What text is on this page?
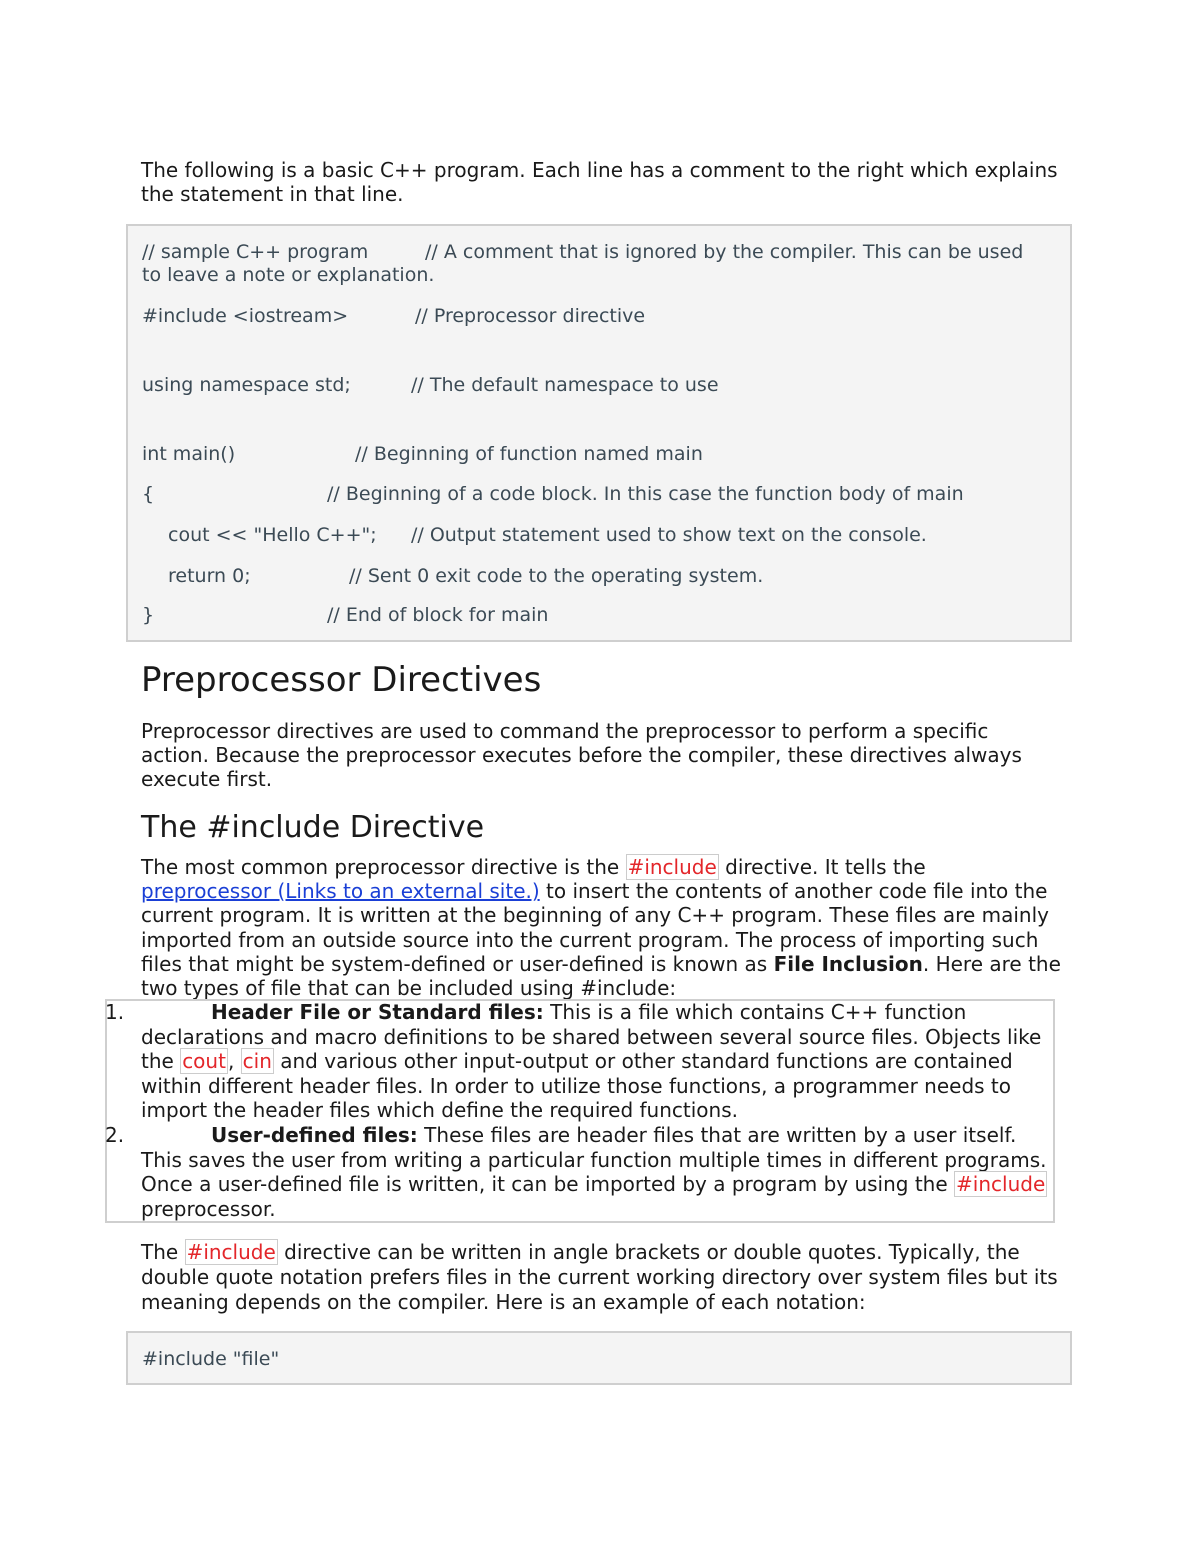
The following is a basic C++ program. Each line has a comment to the right which explains the statement in that line.

// sample C++ program	// A comment that is ignored by the compiler. This can be used
to leave a note or explanation.
#include <iostream>	// Preprocessor directive
using namespace std;	// The default namespace to use
int main()	// Beginning of function named main
{	// Beginning of a code block. In this case the function body of main
cout << "Hello C++"; // Output statement used to show text on the console.
return 0;	// Sent 0 exit code to the operating system.
}	// End of block for main
Preprocessor Directives

Preprocessor directives are used to command the preprocessor to perform a specific action. Because the preprocessor executes before the compiler, these directives always execute first.

The #include Directive

The most common preprocessor directive is the #include directive. It tells the preprocessor (Links to an external site.) to insert the contents of another code file into the current program. It is written at the beginning of any C++ program. These files are mainly imported from an outside source into the current program. The process of importing such files that might be system-defined or user-defined is known as File Inclusion. Here are the two types of file that can be included using #include:

1.	Header File or Standard files: This is a file which contains C++ function declarations and macro definitions to be shared between several source files. Objects like the cout , cin and various other input-output or other standard functions are contained within different header files. In order to utilize those functions, a programmer needs to import the header files which define the required functions.

2.	User-defined files: These files are header files that are written by a user itself. This saves the user from writing a particular function multiple times in different programs. Once a user-defined file is written, it can be imported by a program by using the #include preprocessor.

The #include directive can be written in angle brackets or double quotes. Typically, the double quote notation prefers files in the current working directory over system files but its meaning depends on the compiler. Here is an example of each notation:

#include "file"
